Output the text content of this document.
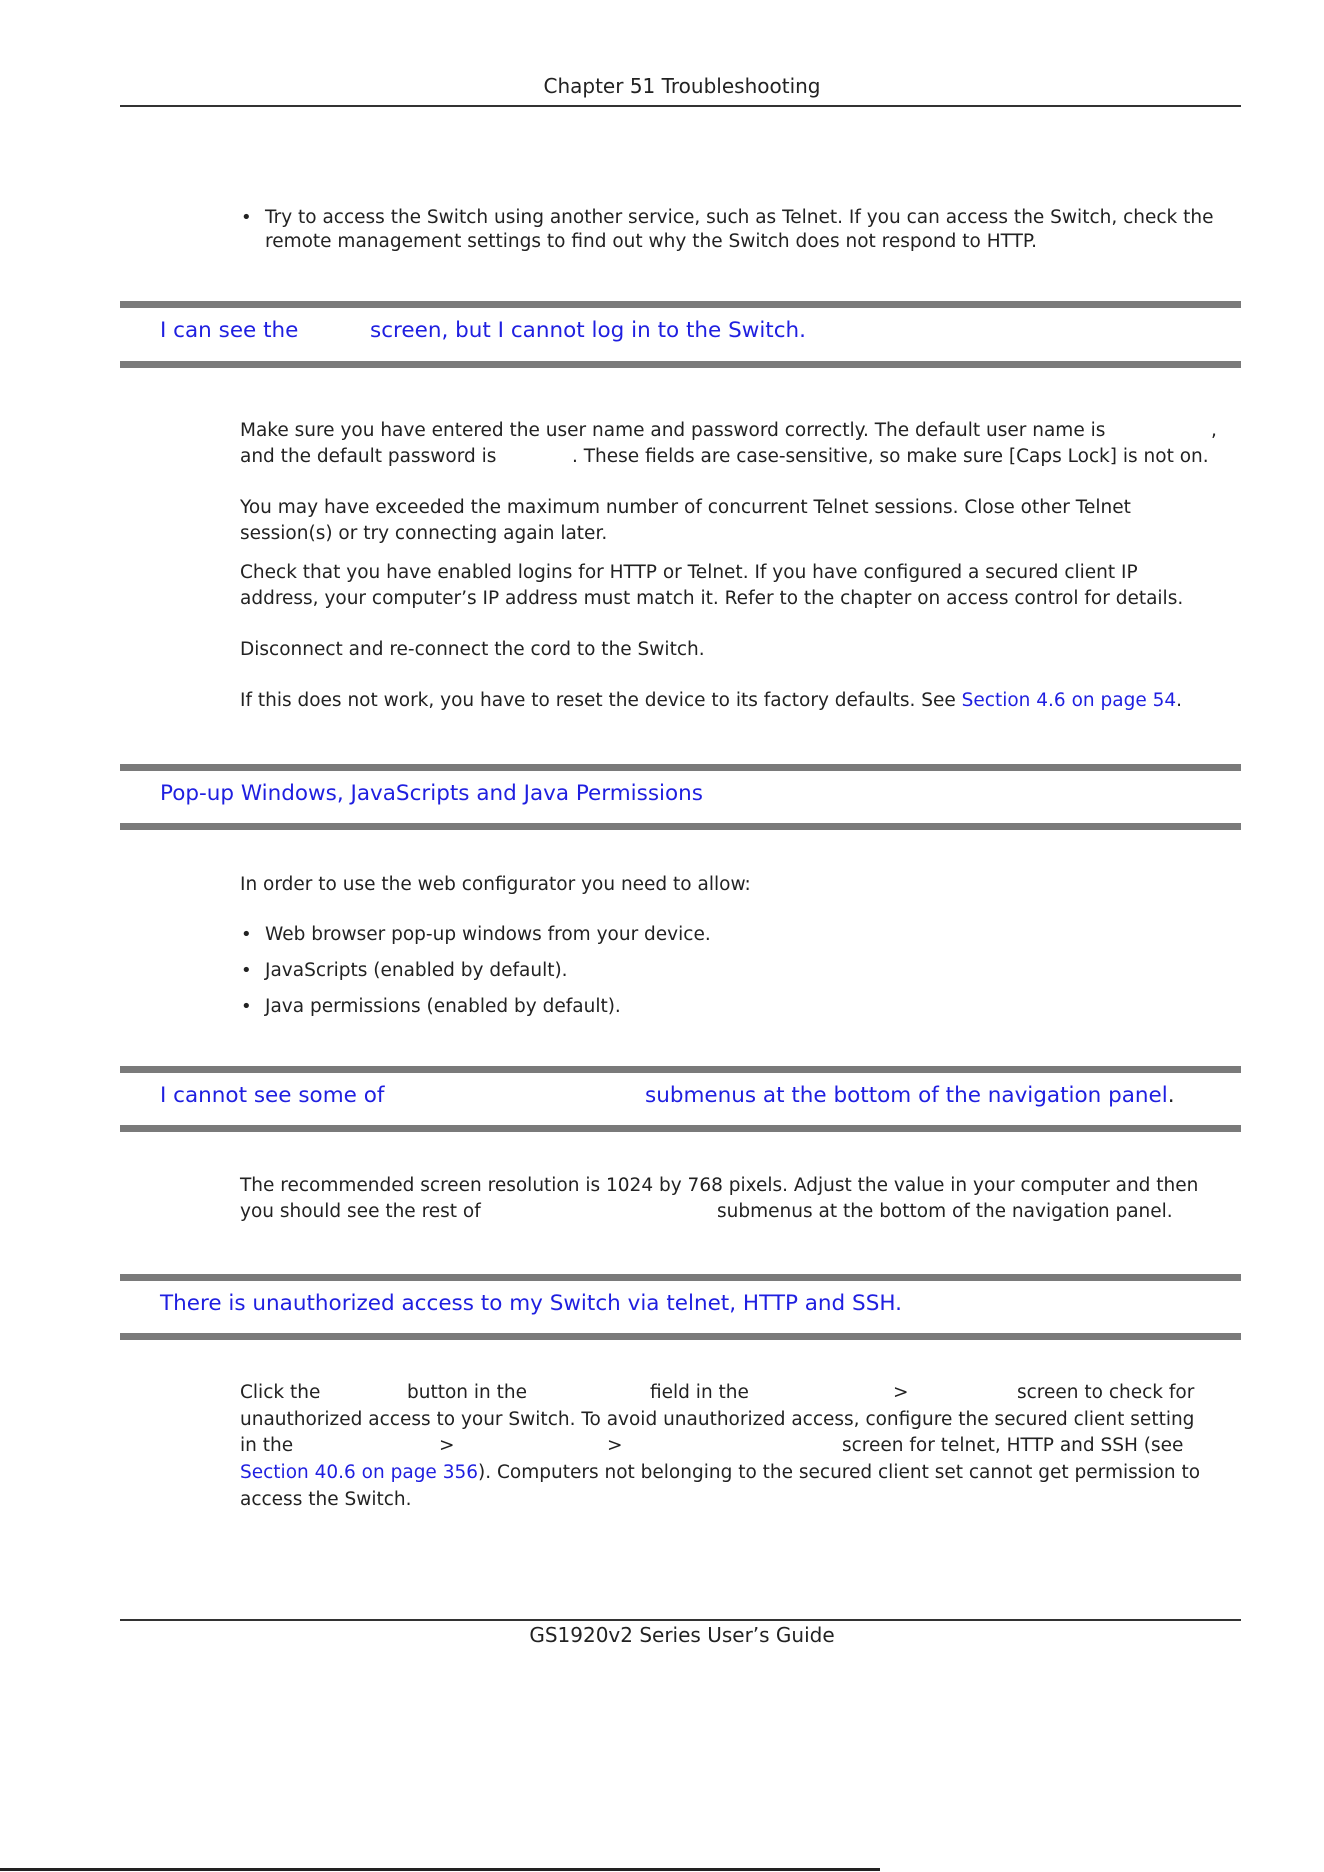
Chapter 51 Troubleshooting
• Try to access the Switch using another service, such as Telnet. If you can access the Switch, check the
remote management settings to find out why the Switch does not respond to HTTP.
I can see the	screen, but I cannot log in to the Switch.
Make sure you have entered the user name and password correctly. The default user name is	,
and the default password is	. These fields are case-sensitive, so make sure [Caps Lock] is not on.
You may have exceeded the maximum number of concurrent Telnet sessions. Close other Telnet
session(s) or try connecting again later.
Check that you have enabled logins for HTTP or Telnet. If you have configured a secured client IP
address, your computer’s IP address must match it. Refer to the chapter on access control for details.
Disconnect and re-connect the cord to the Switch.
If this does not work, you have to reset the device to its factory defaults. See Section 4.6 on page 54.
Pop-up Windows, JavaScripts and Java Permissions
In order to use the web configurator you need to allow:
• Web browser pop-up windows from your device.
• JavaScripts (enabled by default).
• Java permissions (enabled by default).
I cannot see some of	submenus at the bottom of the navigation panel.
The recommended screen resolution is 1024 by 768 pixels. Adjust the value in your computer and then
you should see the rest of	submenus at the bottom of the navigation panel.
There is unauthorized access to my Switch via telnet, HTTP and SSH.
Click the	button in the	field in the	>	screen to check for
unauthorized access to your Switch. To avoid unauthorized access, configure the secured client setting
in the	>	>	screen for telnet, HTTP and SSH (see
Section 40.6 on page 356). Computers not belonging to the secured client set cannot get permission to
access the Switch.
GS1920v2 Series User’s Guide
